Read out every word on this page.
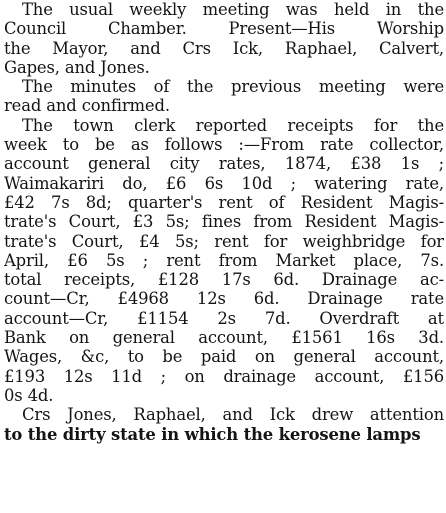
The usual weekly meeting was held in the
Council Chamber. Present—His Worship
the Mayor, and Crs Ick, Raphael, Calvert,
Gapes, and Jones.
The minutes of the previous meeting were
read and confirmed.
The town clerk reported receipts for the
week to be as follows :—From rate collector,
account general city rates, 1874, £38 1s ;
Waimakariri do, £6 6s 10d ; watering rate,
£42 7s 8d; quarter's rent of Resident Magis-
trate's Court, £3 5s; fines from Resident Magis-
trate's Court, £4 5s; rent for weighbridge for
April, £6 5s ; rent from Market place, 7s.
total receipts, £128 17s 6d. Drainage ac-
count—Cr, £4968 12s 6d. Drainage rate
account—Cr, £1154 2s 7d. Overdraft at
Bank on general account, £1561 16s 3d.
Wages, &c, to be paid on general account,
£193 12s 11d ; on drainage account, £156
0s 4d.
Crs Jones, Raphael, and Ick drew attention
to the dirty state in which the kerosene lamps
